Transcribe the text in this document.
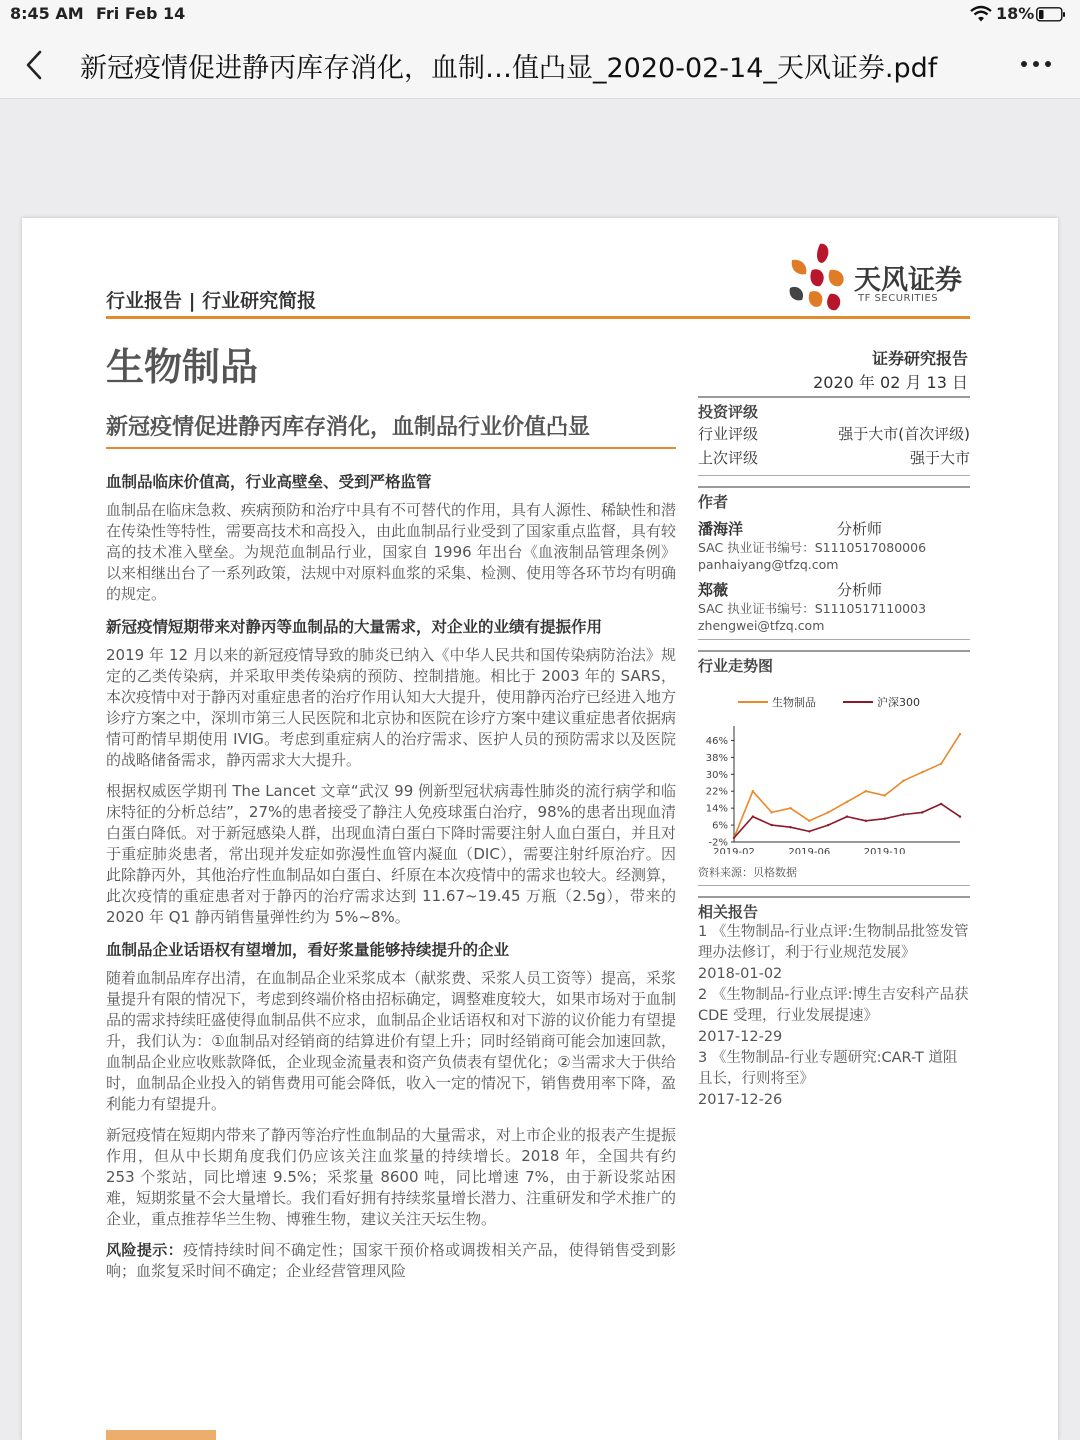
8:45 AM Fri Feb 14	18%
新冠疫情促进静丙库存消化，血制…值凸显_2020-02-14_天风证券.pdf
行业报告 | 行业研究简报
天风证券
TF SECURITIES
生物制品	证券研究报告
2020 年 02 月 13 日
新冠疫情促进静丙库存消化，血制品行业价值凸显
血制品临床价值高，行业高壁垒、受到严格监管

血制品在临床急救、疾病预防和治疗中具有不可替代的作用，具有人源性、稀缺性和潜在传染性等特性，需要高技术和高投入，由此血制品行业受到了国家重点监督，具有较高的技术准入壁垒。为规范血制品行业，国家自 1996 年出台《血液制品管理条例》以来相继出台了一系列政策，法规中对原料血浆的采集、检测、使用等各环节均有明确的规定。

新冠疫情短期带来对静丙等血制品的大量需求，对企业的业绩有提振作用

2019 年 12 月以来的新冠疫情导致的肺炎已纳入《中华人民共和国传染病防治法》规定的乙类传染病，并采取甲类传染病的预防、控制措施。相比于 2003 年的 SARS，本次疫情中对于静丙对重症患者的治疗作用认知大大提升，使用静丙治疗已经进入地方诊疗方案之中，深圳市第三人民医院和北京协和医院在诊疗方案中建议重症患者依据病情可酌情早期使用 IVIG。考虑到重症病人的治疗需求、医护人员的预防需求以及医院的战略储备需求，静丙需求大大提升。

根据权威医学期刊 The Lancet 文章“武汉 99 例新型冠状病毒性肺炎的流行病学和临床特征的分析总结”，27%的患者接受了静注人免疫球蛋白治疗，98%的患者出现血清白蛋白降低。对于新冠感染人群，出现血清白蛋白下降时需要注射人血白蛋白，并且对于重症肺炎患者，常出现并发症如弥漫性血管内凝血（DIC），需要注射纤原治疗。因此除静丙外，其他治疗性血制品如白蛋白、纤原在本次疫情中的需求也较大。经测算，此次疫情的重症患者对于静丙的治疗需求达到 11.67~19.45 万瓶（2.5g），带来的 2020 年 Q1 静丙销售量弹性约为 5%~8%。

血制品企业话语权有望增加，看好浆量能够持续提升的企业

随着血制品库存出清，在血制品企业采浆成本（献浆费、采浆人员工资等）提高，采浆量提升有限的情况下，考虑到终端价格由招标确定，调整难度较大，如果市场对于血制品的需求持续旺盛使得血制品供不应求，血制品企业话语权和对下游的议价能力有望提升，我们认为：①血制品对经销商的结算进价有望上升；同时经销商可能会加速回款，血制品企业应收账款降低，企业现金流量表和资产负债表有望优化；②当需求大于供给时，血制品企业投入的销售费用可能会降低，收入一定的情况下，销售费用率下降，盈利能力有望提升。

新冠疫情在短期内带来了静丙等治疗性血制品的大量需求，对上市企业的报表产生提振作用，但从中长期角度我们仍应该关注血浆量的持续增长。2018 年，全国共有约 253 个浆站，同比增速 9.5%；采浆量 8600 吨，同比增速 7%，由于新设浆站困难，短期浆量不会大量增长。我们看好拥有持续浆量增长潜力、注重研发和学术推广的企业，重点推荐华兰生物、博雅生物，建议关注天坛生物。

风险提示：疫情持续时间不确定性；国家干预价格或调拨相关产品，使得销售受到影响；血浆复采时间不确定；企业经营管理风险

投资评级
行业评级	强于大市(首次评级)
上次评级	强于大市
作者
潘海洋	分析师
SAC 执业证书编号：S1110517080006
panhaiyang@tfzq.com
郑薇	分析师
SAC 执业证书编号：S1110517110003
zhengwei@tfzq.com
行业走势图
生物制品	沪深300
-2%
6%
14%
22%
30%
38%
46%
2019-02	2019-06	2019-10
资料来源：贝格数据
相关报告
1 《生物制品-行业点评:生物制品批签发管理办法修订，利于行业规范发展》
2018-01-02
2 《生物制品-行业点评:博生吉安科产品获 CDE 受理，行业发展提速》
2017-12-29
3 《生物制品-行业专题研究:CAR-T 道阻且长，行则将至》
2017-12-26
